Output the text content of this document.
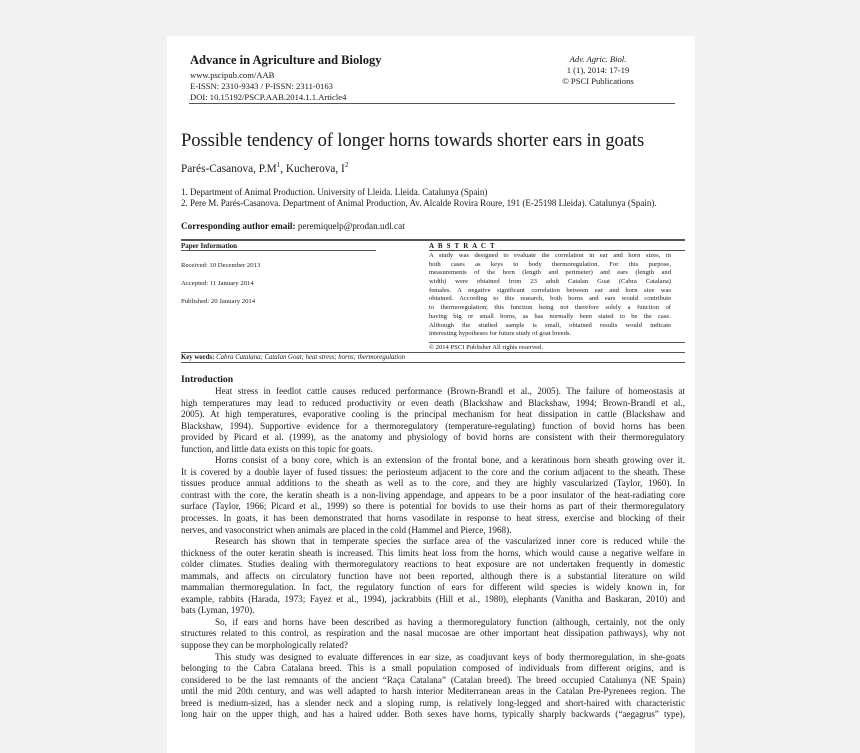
Advance in Agriculture and Biology
www.pscipub.com/AAB
E-ISSN: 2310-9343 / P-ISSN: 2311-0163
DOI: 10.15192/PSCP.AAB.2014.1.1.Article4
Adv. Agric. Biol.
1 (1), 2014: 17-19
© PSCI Publications
Possible tendency of longer horns towards shorter ears in goats
Parés-Casanova, $P.M^1$, Kucherova, $I^2$
1. Department of Animal Production. University of Lleida. Lleida. Catalunya (Spain)
2. Pere M. Parés-Casanova. Department of Animal Production, Av. Alcalde Rovira Roure, 191 (E-25198 Lleida). Catalunya (Spain).
Corresponding author email: peremiquelp@prodan.udl.cat
Paper Information	A B S T R A C T
Received: 10 December 2013
Accepted: 11 January 2014
Published: 20 January 2014
A study was designed to evaluate the correlation in ear and horn sizes, in
both cases as keys to body thermoregulation. For this purpose,
measurements of the horn (length and perimeter) and ears (length and
width) were obtained from 23 adult Catalan Goat (Cabra Catalana)
females. A negative significant correlation between ear and horn size was
obtained. According to this research, both horns and ears would contribute
to thermoregulation; this function being not therefore solely a function of
having big or small horns, as has normally been stated to be the case.
Although the studied sample is small, obtained results would indicate
interesting hypotheses for future study of goat breeds.
© 2014 PSCI Publisher All rights reserved.
Key words: Cabra Catalana; Catalan Goat; heat stress; horns; thermoregulation
Introduction
Heat stress in feedlot cattle causes reduced performance (Brown-Brandl et al., 2005). The failure of homeostasis at
high temperatures may lead to reduced productivity or even death (Blackshaw and Blackshaw, 1994; Brown-Brandl et al.,
2005). At high temperatures, evaporative cooling is the principal mechanism for heat dissipation in cattle (Blackshaw and
Blackshaw, 1994). Supportive evidence for a thermoregulatory (temperature-regulating) function of bovid horns has been
provided by Picard et al. (1999), as the anatomy and physiology of bovid horns are consistent with their thermoregulatory
function, and little data exists on this topic for goats.
Horns consist of a bony core, which is an extension of the frontal bone, and a keratinous horn sheath growing over it.
It is covered by a double layer of fused tissues: the periosteum adjacent to the core and the corium adjacent to the sheath. These
tissues produce annual additions to the sheath as well as to the core, and they are highly vascularized (Taylor, 1960). In
contrast with the core, the keratin sheath is a non-living appendage, and appears to be a poor insulator of the heat-radiating core
surface (Taylor, 1966; Picard et al., 1999) so there is potential for bovids to use their horns as part of their thermoregulatory
processes. In goats, it has been demonstrated that horns vasodilate in response to heat stress, exercise and blocking of their
nerves, and vasoconstrict when animals are placed in the cold (Hammel and Pierce, 1968).
Research has shown that in temperate species the surface area of the vascularized inner core is reduced while the
thickness of the outer keratin sheath is increased. This limits heat loss from the horns, which would cause a negative welfare in
colder climates. Studies dealing with thermoregulatory reactions to heat exposure are not undertaken frequently in domestic
mammals, and affects on circulatory function have not been reported, although there is a substantial literature on wild
mammalian thermoregulation. In fact, the regulatory function of ears for different wild species is widely known in, for
example, rabbits (Harada, 1973; Fayez et al., 1994), jackrabbits (Hill et al., 1980), elephants (Vanitha and Baskaran, 2010) and
bats (Lyman, 1970).
So, if ears and horns have been described as having a thermoregulatory function (although, certainly, not the only
structures related to this control, as respiration and the nasal mucosae are other important heat dissipation pathways), why not
suppose they can be morphologically related?
This study was designed to evaluate differences in ear size, as coadjuvant keys of body thermoregulation, in she-goats
belonging to the Cabra Catalana breed. This is a small population composed of individuals from different origins, and is
considered to be the last remnants of the ancient “Raça Catalana” (Catalan breed). The breed occupied Catalunya (NE Spain)
until the mid 20th century, and was well adapted to harsh interior Mediterranean areas in the Catalan Pre-Pyrenees region. The
breed is medium-sized, has a slender neck and a sloping rump, is relatively long-legged and short-haired with characteristic
long hair on the upper thigh, and has a haired udder. Both sexes have horns, typically sharply backwards (“aegagrus” type),
